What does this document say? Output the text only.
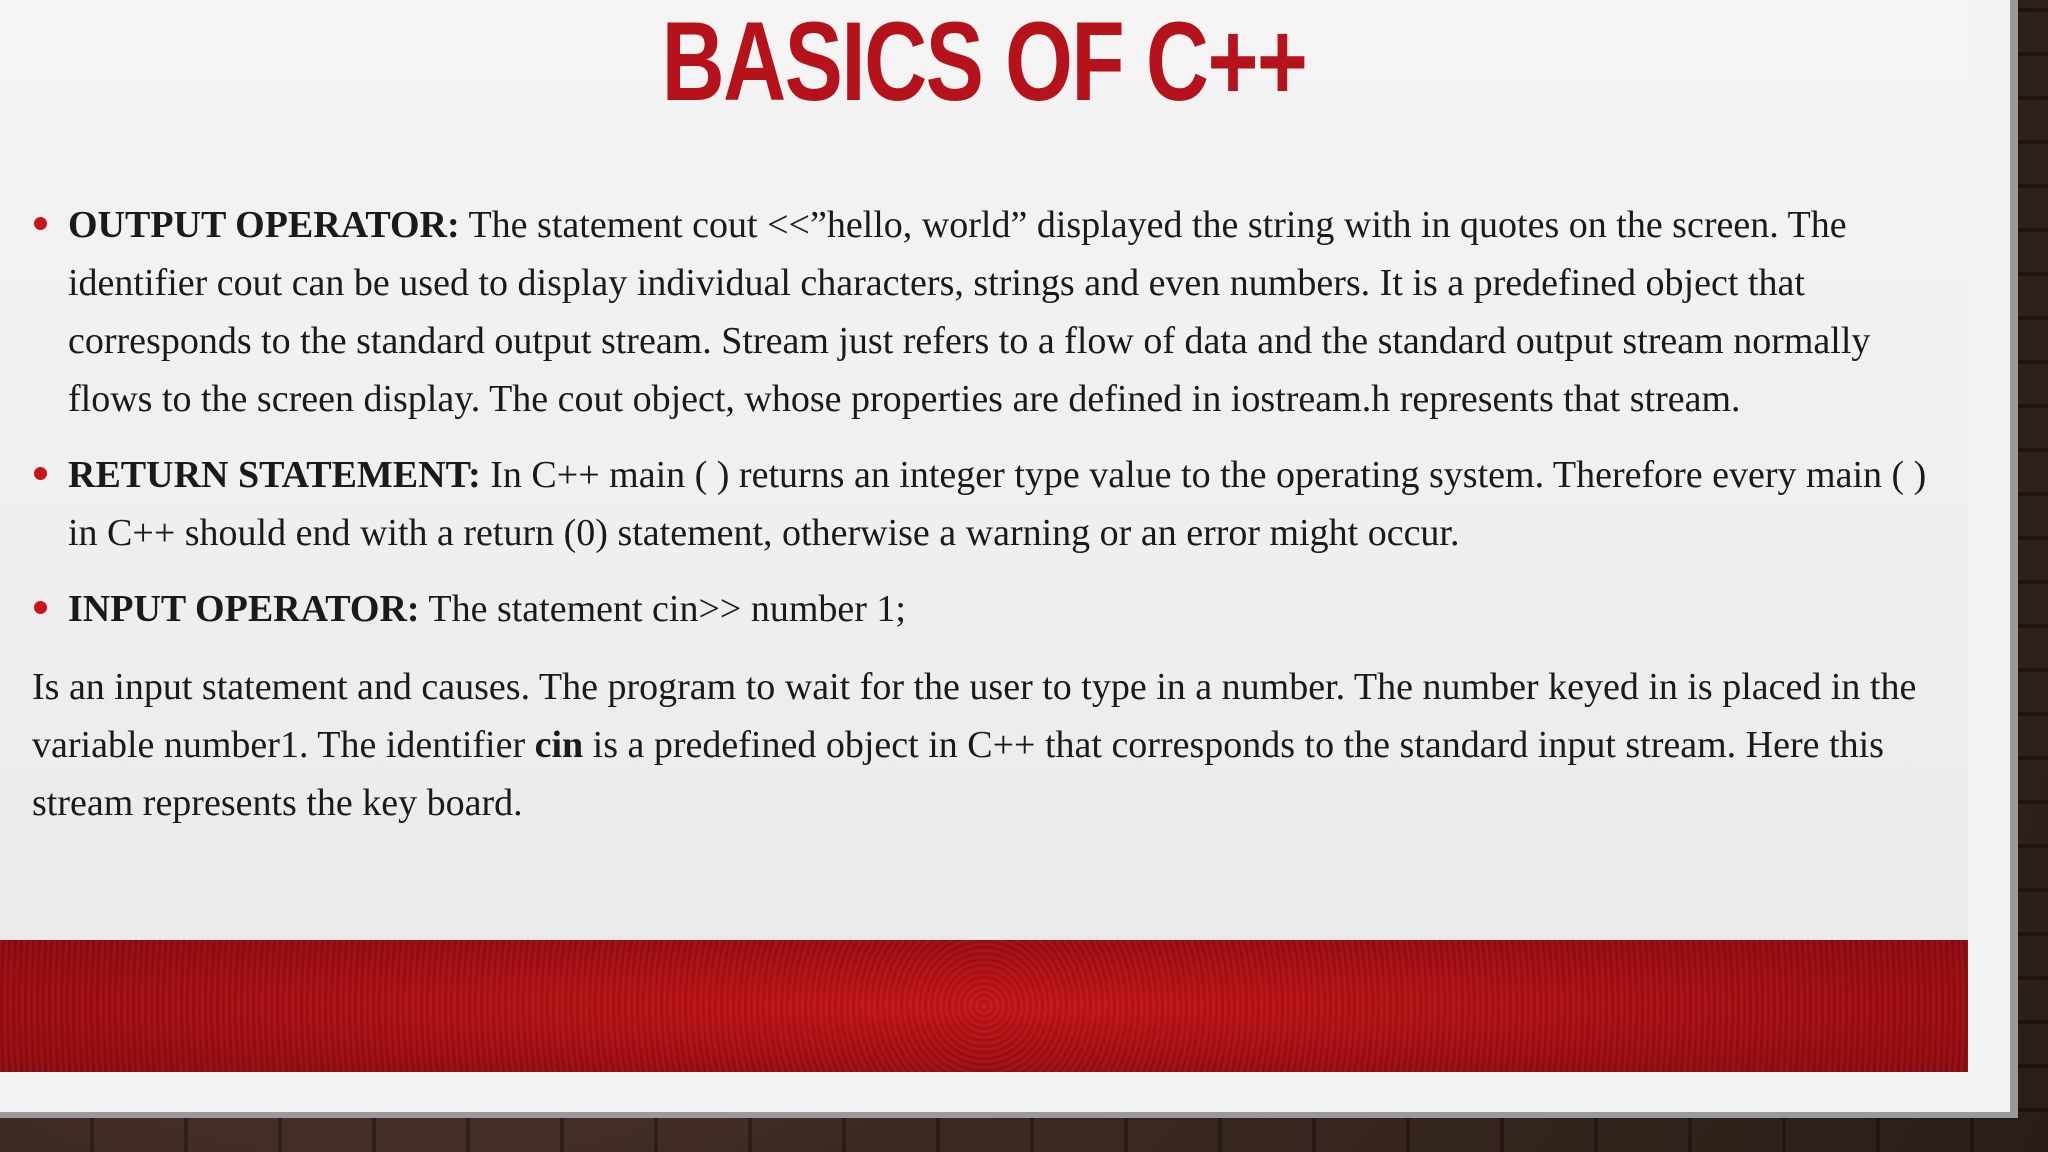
BASICS OF C++
OUTPUT OPERATOR: The statement cout <<”hello, world” displayed the string with in quotes on the screen. The identifier cout can be used to display individual characters, strings and even numbers. It is a predefined object that corresponds to the standard output stream. Stream just refers to a flow of data and the standard output stream normally flows to the screen display. The cout object, whose properties are defined in iostream.h represents that stream.
RETURN STATEMENT: In C++ main ( ) returns an integer type value to the operating system. Therefore every main ( ) in C++ should end with a return (0) statement, otherwise a warning or an error might occur.
INPUT OPERATOR: The statement cin>> number 1;
Is an input statement and causes. The program to wait for the user to type in a number. The number keyed in is placed in the variable number1. The identifier cin is a predefined object in C++ that corresponds to the standard input stream. Here this stream represents the key board.
